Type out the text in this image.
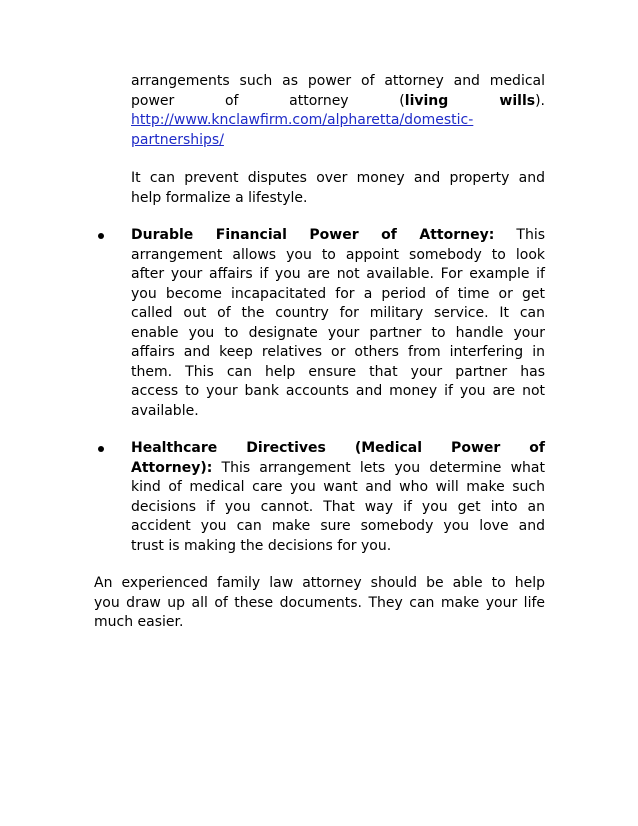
arrangements such as power of attorney and medical
power of attorney (living wills).
http://www.knclawfirm.com/alpharetta/domestic-
partnerships/
It can prevent disputes over money and property and
help formalize a lifestyle.
Durable Financial Power of Attorney: This
arrangement allows you to appoint somebody to look
after your affairs if you are not available. For example if
you become incapacitated for a period of time or get
called out of the country for military service. It can
enable you to designate your partner to handle your
affairs and keep relatives or others from interfering in
them. This can help ensure that your partner has
access to your bank accounts and money if you are not
available.
Healthcare Directives (Medical Power of
Attorney): This arrangement lets you determine what
kind of medical care you want and who will make such
decisions if you cannot. That way if you get into an
accident you can make sure somebody you love and
trust is making the decisions for you.
An experienced family law attorney should be able to help
you draw up all of these documents. They can make your life
much easier.
